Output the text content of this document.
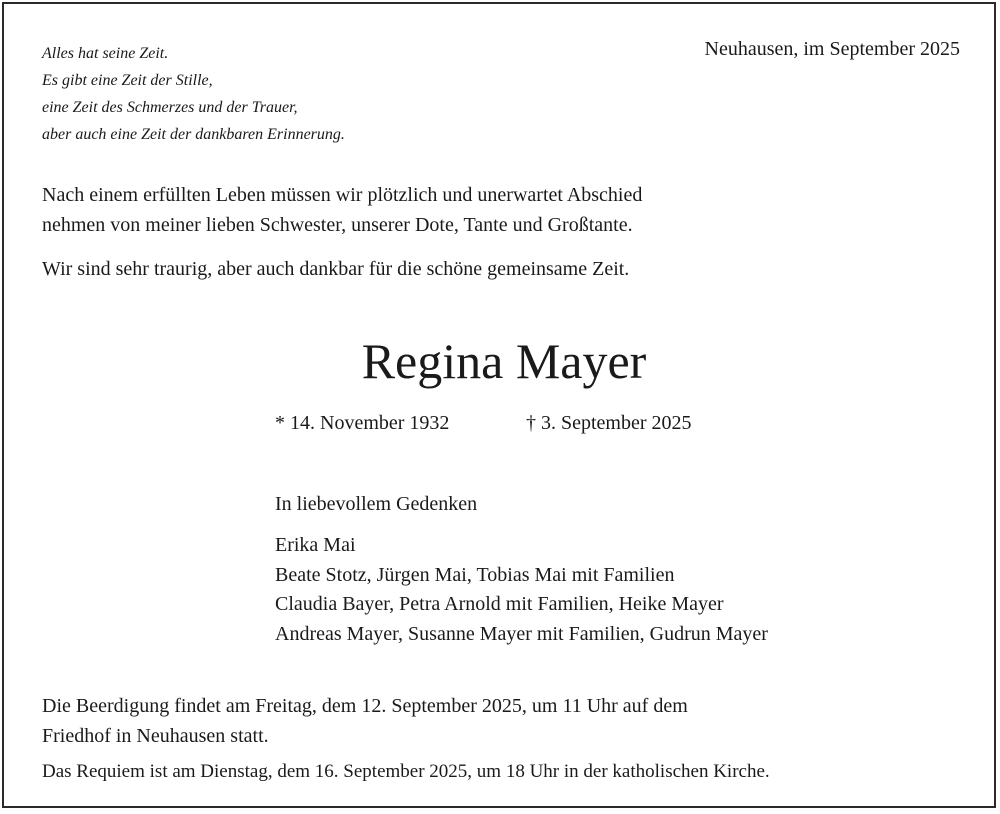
Alles hat seine Zeit.
Es gibt eine Zeit der Stille,
eine Zeit des Schmerzes und der Trauer,
aber auch eine Zeit der dankbaren Erinnerung.
Neuhausen, im September 2025
Nach einem erfüllten Leben müssen wir plötzlich und unerwartet Abschied
nehmen von meiner lieben Schwester, unserer Dote, Tante und Großtante.
Wir sind sehr traurig, aber auch dankbar für die schöne gemeinsame Zeit.
Regina Mayer
* 14. November 1932	† 3. September 2025
In liebevollem Gedenken
Erika Mai
Beate Stotz, Jürgen Mai, Tobias Mai mit Familien
Claudia Bayer, Petra Arnold mit Familien, Heike Mayer
Andreas Mayer, Susanne Mayer mit Familien, Gudrun Mayer
Die Beerdigung findet am Freitag, dem 12. September 2025, um 11 Uhr auf dem
Friedhof in Neuhausen statt.
Das Requiem ist am Dienstag, dem 16. September 2025, um 18 Uhr in der katholischen Kirche.
